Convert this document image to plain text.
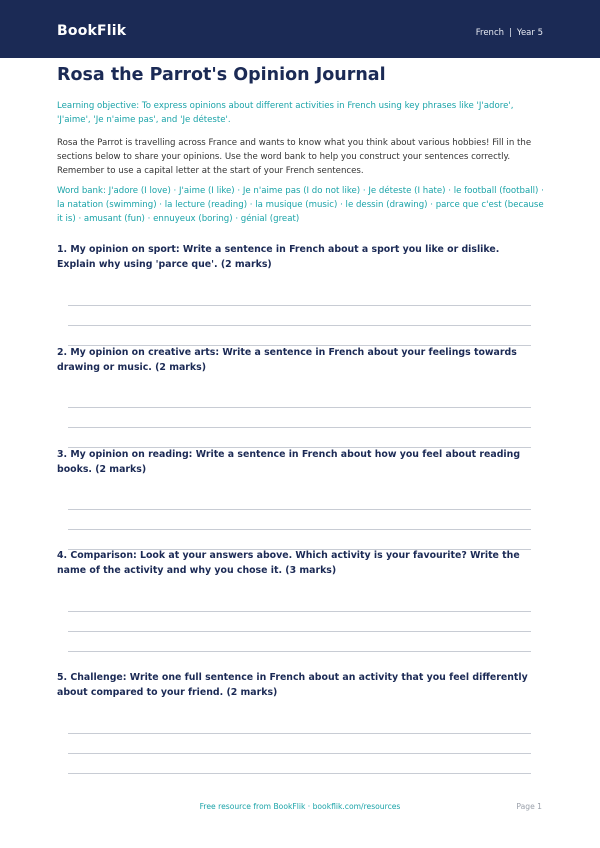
BookFlik	French | Year 5
Rosa the Parrot's Opinion Journal
Learning objective: To express opinions about different activities in French using key phrases like 'J'adore', 'J'aime', 'Je n'aime pas', and 'Je déteste'.
Rosa the Parrot is travelling across France and wants to know what you think about various hobbies! Fill in the sections below to share your opinions. Use the word bank to help you construct your sentences correctly. Remember to use a capital letter at the start of your French sentences.
Word bank: J'adore (I love) · J'aime (I like) · Je n'aime pas (I do not like) · Je déteste (I hate) · le football (football) · la natation (swimming) · la lecture (reading) · la musique (music) · le dessin (drawing) · parce que c'est (because it is) · amusant (fun) · ennuyeux (boring) · génial (great)
1. My opinion on sport: Write a sentence in French about a sport you like or dislike. Explain why using 'parce que'. (2 marks)
2. My opinion on creative arts: Write a sentence in French about your feelings towards drawing or music. (2 marks)
3. My opinion on reading: Write a sentence in French about how you feel about reading books. (2 marks)
4. Comparison: Look at your answers above. Which activity is your favourite? Write the name of the activity and why you chose it. (3 marks)
5. Challenge: Write one full sentence in French about an activity that you feel differently about compared to your friend. (2 marks)
Free resource from BookFlik · bookflik.com/resources	Page 1
